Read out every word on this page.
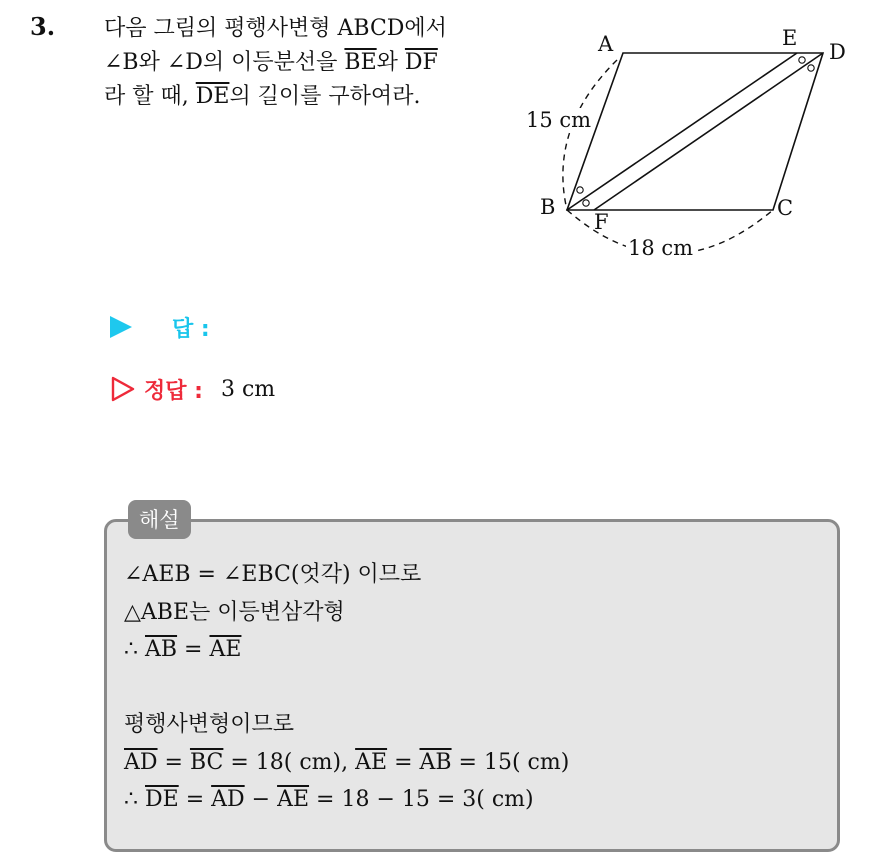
3. 다음 그림의 평행사변형 ABCD에서
∠B와 ∠D의 이등분선을 $\overline{BE}$와 $\overline{DF}$
라 할 때, $\overline{DE}$의 길이를 구하여라.
A	E
D
B	C
F
15 cm
18 cm
답 :
정답 : 3 cm
해설
∠AEB = ∠EBC(엇각) 이므로
△ABE는 이등변삼각형
∴ $\overline{AB} = \overline{AE}$
평행사변형이므로
$\overline{AD} = \overline{BC} = 18$( cm), $\overline{AE} = \overline{AB} = 15$( cm)
∴ $\overline{DE} = \overline{AD} - \overline{AE} = 18 - 15 = 3$( cm)
